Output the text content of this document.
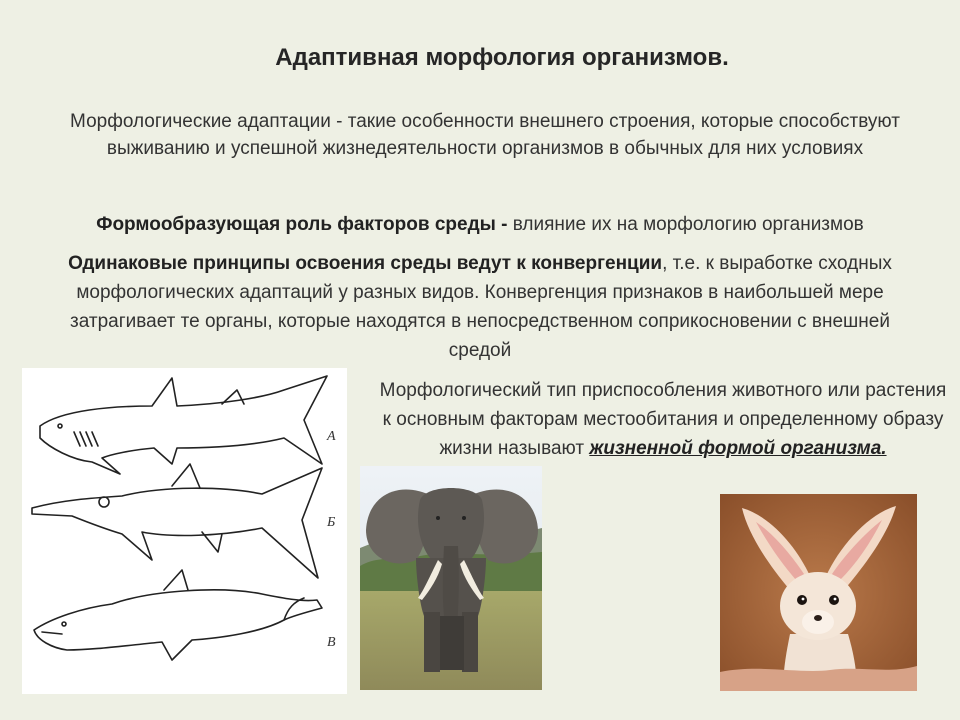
Адаптивная морфология организмов.
Морфологические адаптации - такие особенности внешнего строения, которые способствуют выживанию и успешной жизнедеятельности организмов в обычных для них условиях
Формообразующая роль факторов среды - влияние их на морфологию организмов
Одинаковые принципы освоения среды ведут к конвергенции, т.е. к выработке сходных морфологических адаптаций у разных видов. Конвергенция признаков в наибольшей мере затрагивает те органы, которые находятся в непосредственном соприкосновении с внешней средой
Морфологический тип приспособления животного или растения к основным факторам местообитания и определенному образу жизни называют жизненной формой организма.
А
Б
В
